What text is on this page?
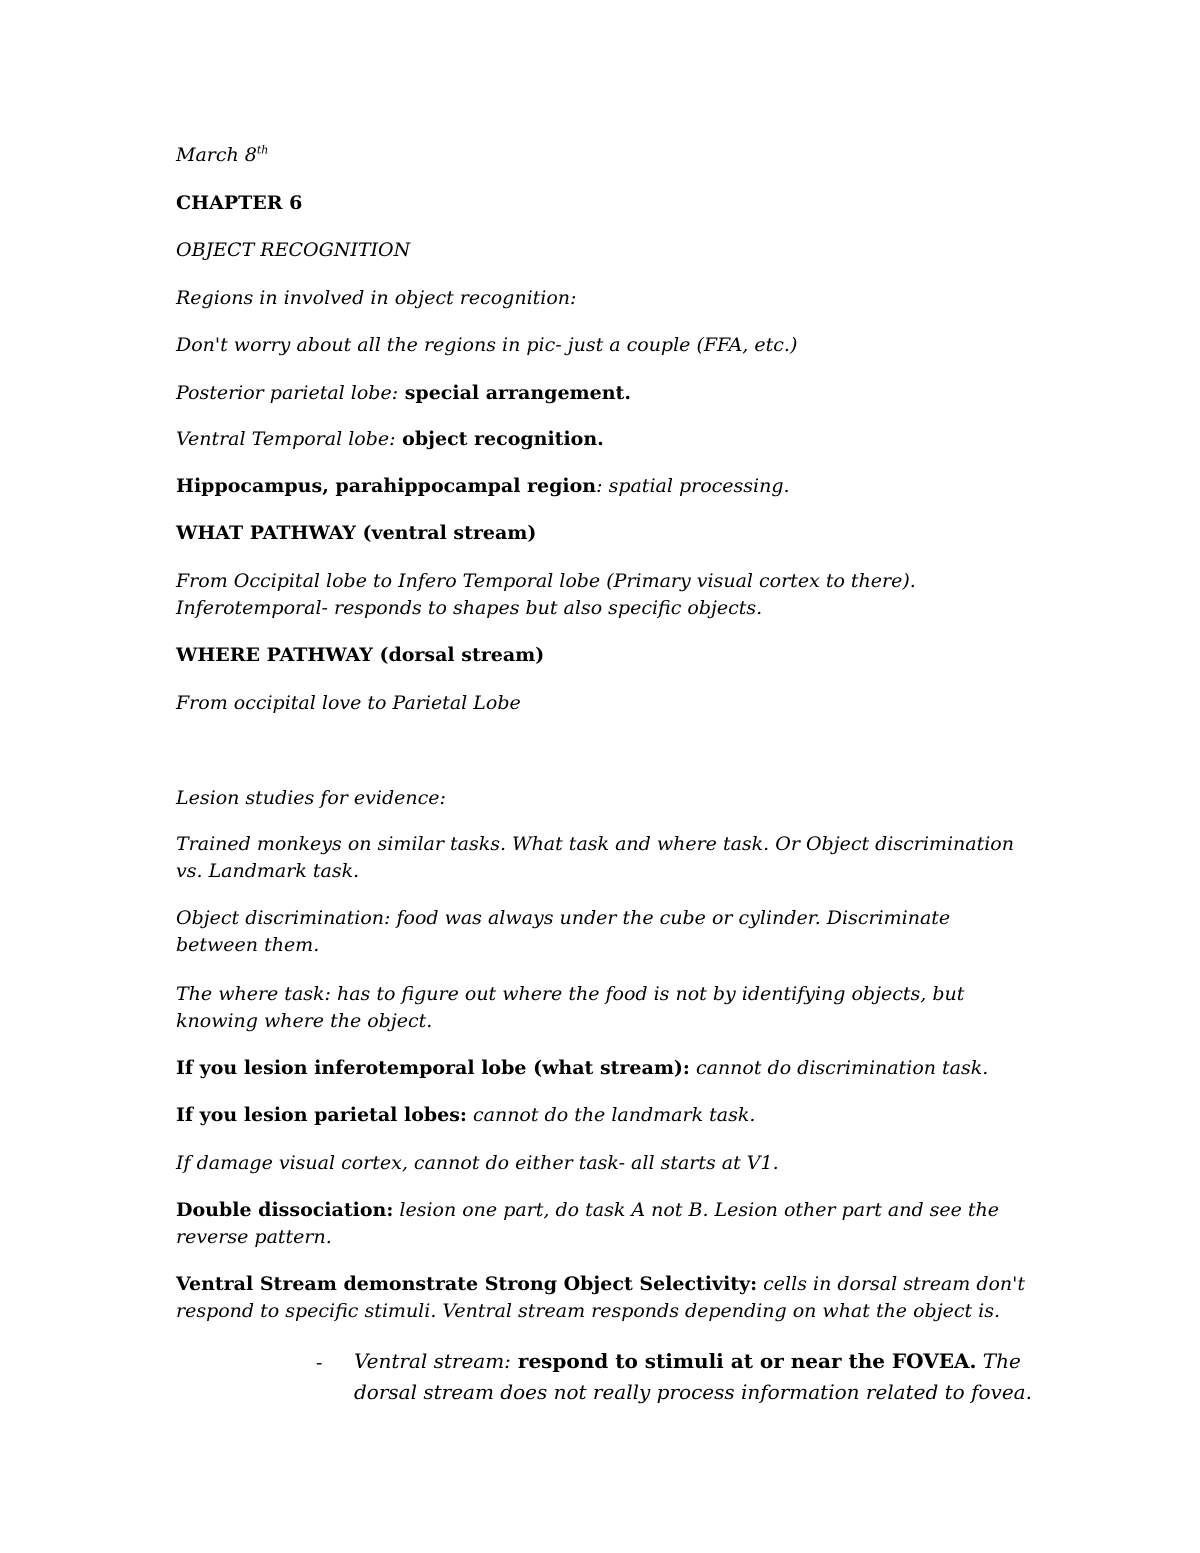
March 8th
CHAPTER 6
OBJECT RECOGNITION
Regions in involved in object recognition:
Don't worry about all the regions in pic- just a couple (FFA, etc.)
Posterior parietal lobe: special arrangement.
Ventral Temporal lobe: object recognition.
Hippocampus, parahippocampal region: spatial processing.
WHAT PATHWAY (ventral stream)
From Occipital lobe to Infero Temporal lobe (Primary visual cortex to there).
Inferotemporal- responds to shapes but also specific objects.
WHERE PATHWAY (dorsal stream)
From occipital love to Parietal Lobe
Lesion studies for evidence:
Trained monkeys on similar tasks. What task and where task. Or Object discrimination vs. Landmark task.
Object discrimination: food was always under the cube or cylinder. Discriminate between them.
The where task: has to figure out where the food is not by identifying objects, but knowing where the object.
If you lesion inferotemporal lobe (what stream): cannot do discrimination task.
If you lesion parietal lobes: cannot do the landmark task.
If damage visual cortex, cannot do either task- all starts at V1.
Double dissociation: lesion one part, do task A not B. Lesion other part and see the reverse pattern.
Ventral Stream demonstrate Strong Object Selectivity: cells in dorsal stream don't respond to specific stimuli. Ventral stream responds depending on what the object is.
- Ventral stream: respond to stimuli at or near the FOVEA. The dorsal stream does not really process information related to fovea.
